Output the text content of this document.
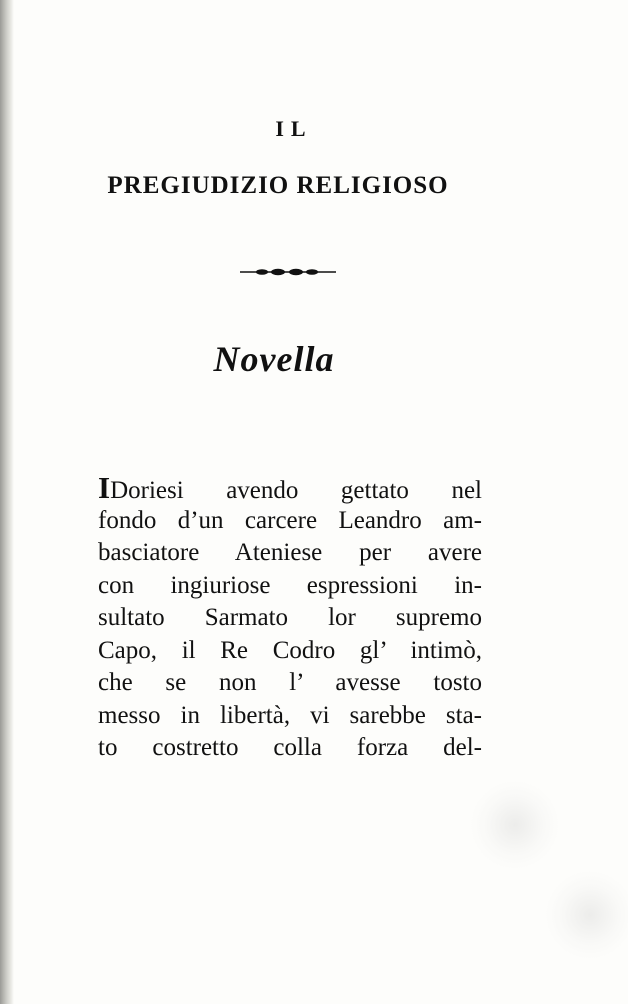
IL
PREGIUDIZIO RELIGIOSO
Novella
IDoriesi avendo gettato nel
fondo d’un carcere Leandro am-
basciatore Ateniese per avere
con ingiuriose espressioni in-
sultato Sarmato lor supremo
Capo, il Re Codro gl’ intimò,
che se non l’ avesse tosto
messo in libertà, vi sarebbe sta-
to costretto colla forza del-
